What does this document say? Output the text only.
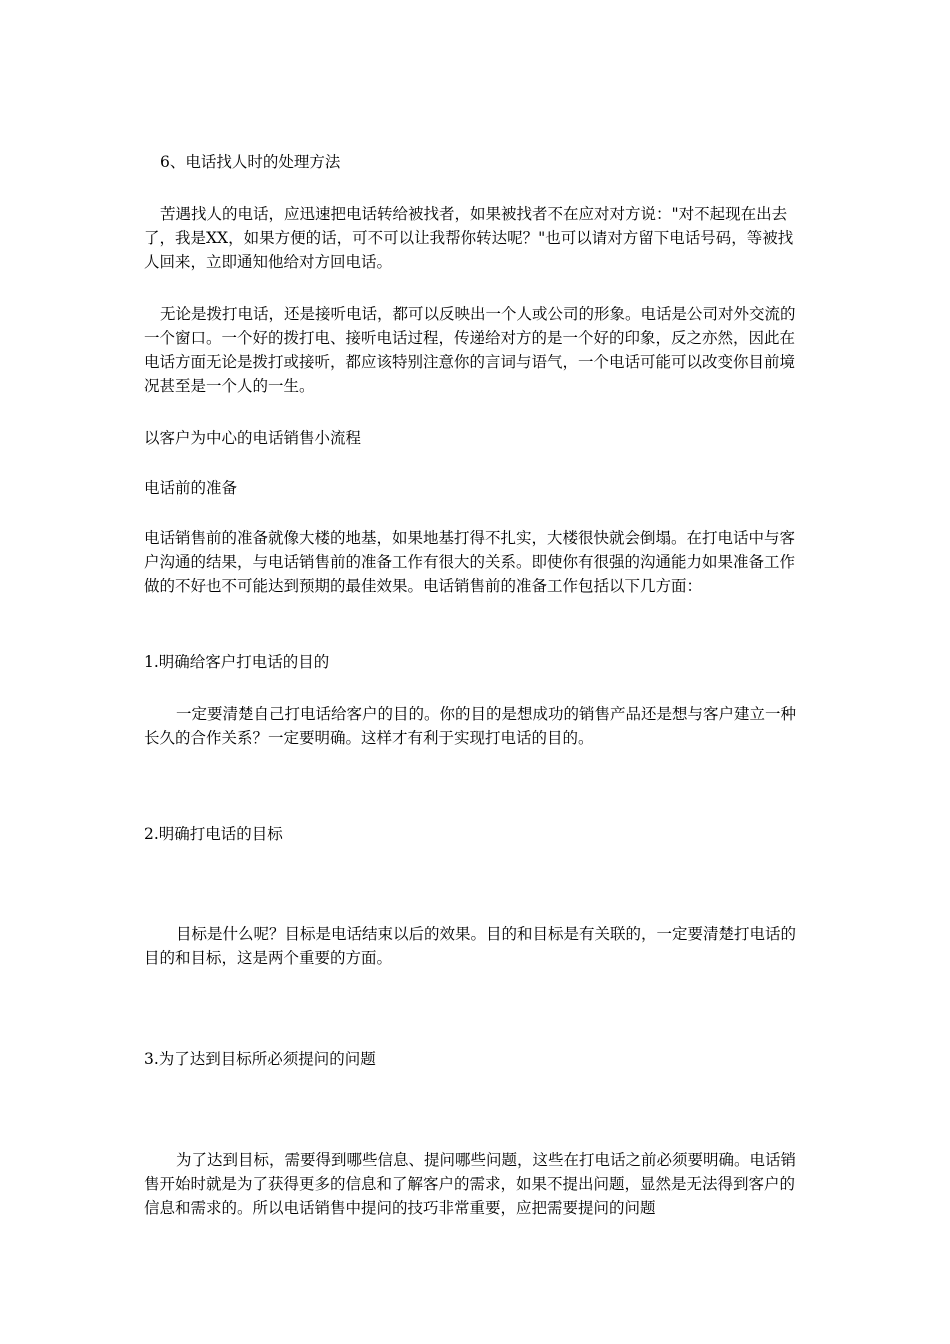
6、电话找人时的处理方法

苦遇找人的电话，应迅速把电话转给被找者，如果被找者不在应对对方说："对不起现在出去了，我是XX，如果方便的话，可不可以让我帮你转达呢？"也可以请对方留下电话号码，等被找人回来，立即通知他给对方回电话。

无论是拨打电话，还是接听电话，都可以反映出一个人或公司的形象。电话是公司对外交流的一个窗口。一个好的拨打电、接听电话过程，传递给对方的是一个好的印象，反之亦然，因此在电话方面无论是拨打或接听，都应该特别注意你的言词与语气，一个电话可能可以改变你目前境况甚至是一个人的一生。

以客户为中心的电话销售小流程

电话前的准备

电话销售前的准备就像大楼的地基，如果地基打得不扎实，大楼很快就会倒塌。在打电话中与客户沟通的结果，与电话销售前的准备工作有很大的关系。即使你有很强的沟通能力如果准备工作做的不好也不可能达到预期的最佳效果。电话销售前的准备工作包括以下几方面：

1.明确给客户打电话的目的

一定要清楚自己打电话给客户的目的。你的目的是想成功的销售产品还是想与客户建立一种长久的合作关系？一定要明确。这样才有利于实现打电话的目的。

2.明确打电话的目标

目标是什么呢？目标是电话结束以后的效果。目的和目标是有关联的，一定要清楚打电话的目的和目标，这是两个重要的方面。

3.为了达到目标所必须提问的问题

为了达到目标，需要得到哪些信息、提问哪些问题，这些在打电话之前必须要明确。电话销售开始时就是为了获得更多的信息和了解客户的需求，如果不提出问题，显然是无法得到客户的信息和需求的。所以电话销售中提问的技巧非常重要，应把需要提问的问题
